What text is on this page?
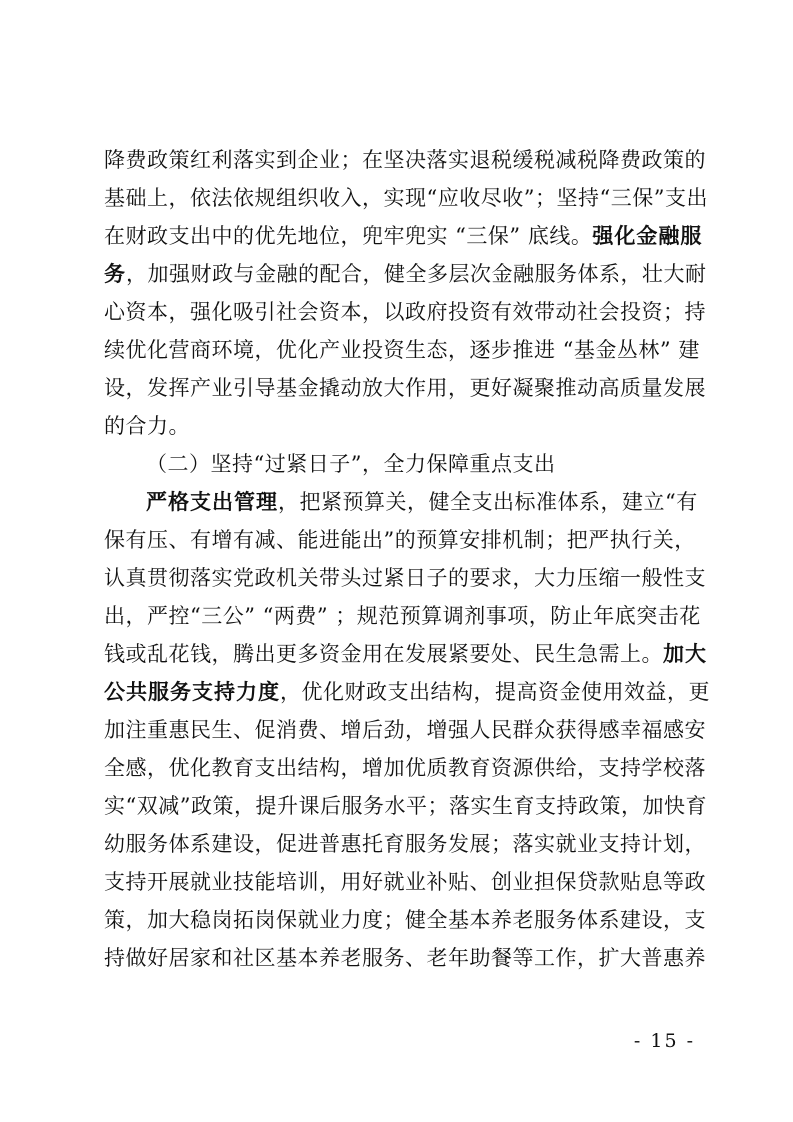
降费政策红利落实到企业；在坚决落实退税缓税减税降费政策的
基础上，依法依规组织收入，实现“应收尽收”；坚持“三保”支出
在财政支出中的优先地位，兜牢兜实 “三保” 底线。强化金融服
务，加强财政与金融的配合，健全多层次金融服务体系，壮大耐
心资本，强化吸引社会资本，以政府投资有效带动社会投资；持
续优化营商环境，优化产业投资生态，逐步推进 “基金丛林” 建
设，发挥产业引导基金撬动放大作用，更好凝聚推动高质量发展
的合力。
（二）坚持“过紧日子”，全力保障重点支出
严格支出管理，把紧预算关，健全支出标准体系，建立“有
保有压、有增有减、能进能出”的预算安排机制；把严执行关，
认真贯彻落实党政机关带头过紧日子的要求，大力压缩一般性支
出，严控“三公” “两费” ；规范预算调剂事项，防止年底突击花
钱或乱花钱，腾出更多资金用在发展紧要处、民生急需上。加大
公共服务支持力度，优化财政支出结构，提高资金使用效益，更
加注重惠民生、促消费、增后劲，增强人民群众获得感幸福感安
全感，优化教育支出结构，增加优质教育资源供给，支持学校落
实“双减”政策，提升课后服务水平；落实生育支持政策，加快育
幼服务体系建设，促进普惠托育服务发展；落实就业支持计划，
支持开展就业技能培训，用好就业补贴、创业担保贷款贴息等政
策，加大稳岗拓岗保就业力度；健全基本养老服务体系建设，支
持做好居家和社区基本养老服务、老年助餐等工作，扩大普惠养
- 15 -
